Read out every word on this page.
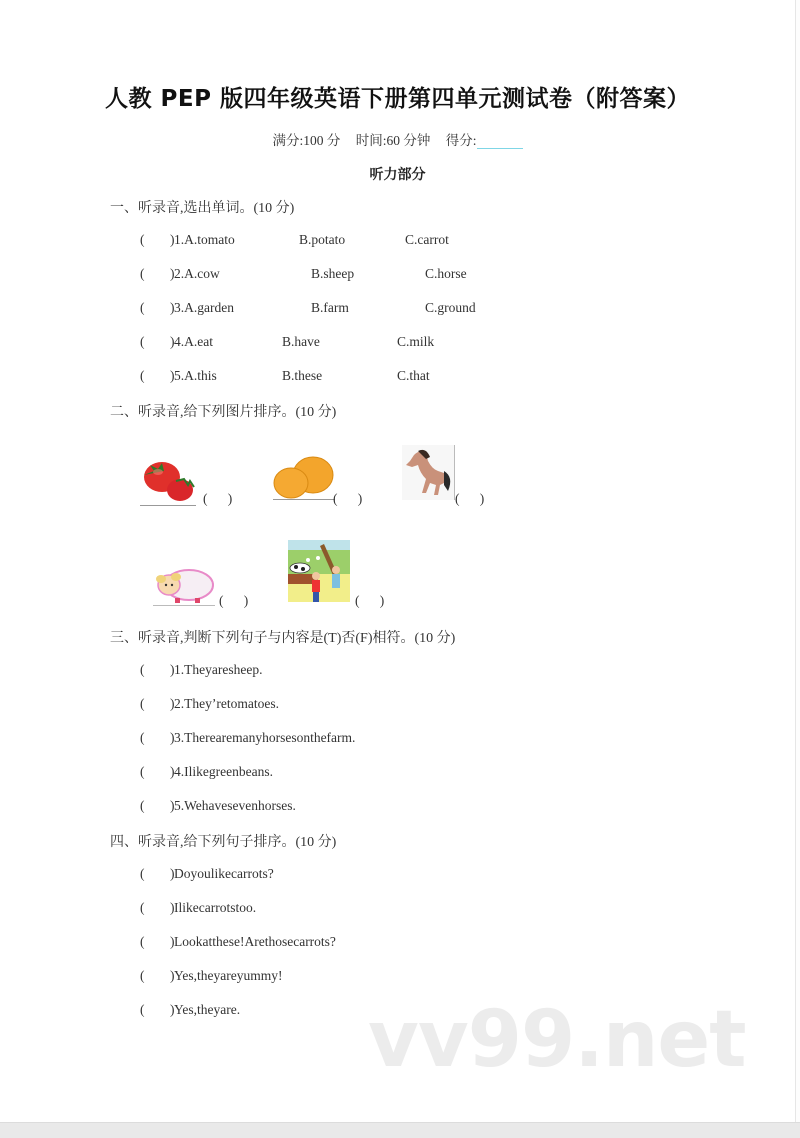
人教 PEP 版四年级英语下册第四单元测试卷（附答案）
满分:100 分 时间:60 分钟 得分:
听力部分
一、听录音,选出单词。(10 分)
( ) 1.A.tomato	B.potato	C.carrot
( ) 2.A.cow	B.sheep	C.horse
( ) 3.A.garden	B.farm	C.ground
( ) 4.A.eat	B.have	C.milk
( ) 5.A.this	B.these	C.that
二、听录音,给下列图片排序。(10 分)
(      )	(      )	(      )
(      )	(      )
三、听录音,判断下列句子与内容是(T)否(F)相符。(10 分)
( ) 1.Theyaresheep.
( ) 2.They’retomatoes.
( ) 3.Therearemanyhorsesonthefarm.
( ) 4.Ilikegreenbeans.
( ) 5.Wehavesevenhorses.
四、听录音,给下列句子排序。(10 分)
( ) Doyoulikecarrots?
( ) Ilikecarrotstoo.
( ) Lookatthese!Arethosecarrots?
( ) Yes,theyareyummy!
( ) Yes,theyare. vv99.net
